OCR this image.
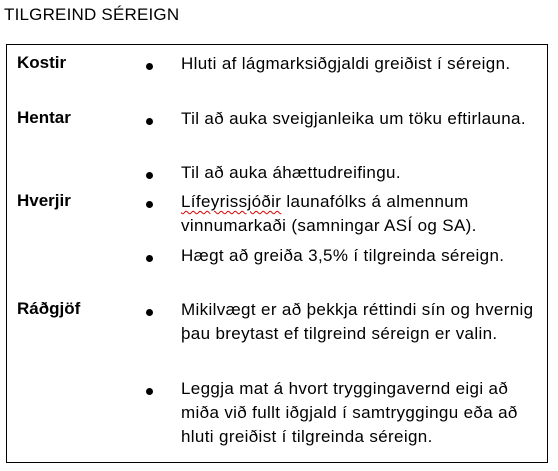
TILGREIND SÉREIGN
Kostir	Hluti af lágmarksiðgjaldi greiðist í séreign.
Hentar	Til að auka sveigjanleika um töku eftirlauna.
Til að auka áhættudreifingu.
Hverjir	Lífeyrissjóðir launafólks á almennum vinnumarkaði (samningar ASÍ og SA).
Hægt að greiða 3,5% í tilgreinda séreign.
Ráðgjöf	Mikilvægt er að þekkja réttindi sín og hvernig þau breytast ef tilgreind séreign er valin.
Leggja mat á hvort tryggingavernd eigi að miða við fullt iðgjald í samtryggingu eða að hluti greiðist í tilgreinda séreign.
